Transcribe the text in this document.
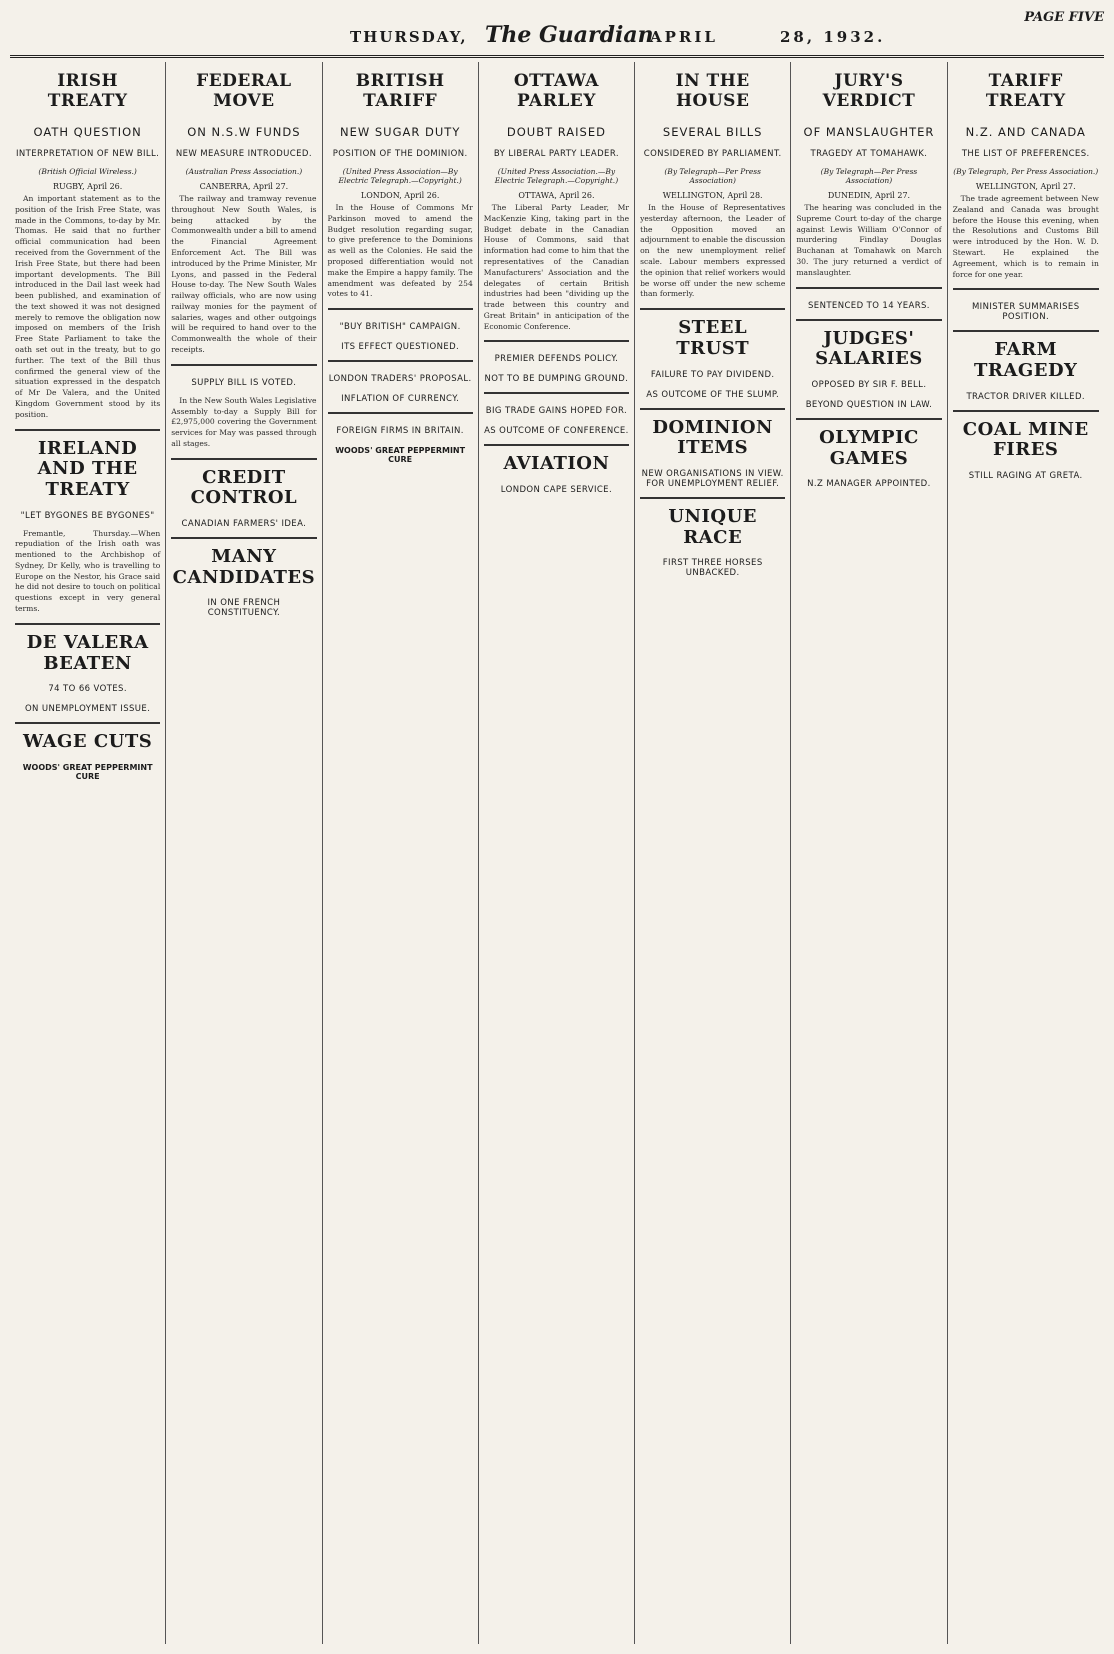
THURSDAY, The Guardian
APRIL	28, 1932.
PAGE FIVE
IRISH TREATY
OATH QUESTION
INTERPRETATION OF NEW BILL.
(British Official Wireless.)
RUGBY, April 26.

An important statement as to the position of the Irish Free State, was made in the Commons, to-day by Mr. Thomas. He said that no further official communication had been received from the Government of the Irish Free State, but there had been important developments. The Bill introduced in the Dail last week had been published, and examination of the text showed it was not designed merely to remove the obligation now imposed on members of the Irish Free State Parliament to take the oath set out in the treaty, but to go further. The text of the Bill thus confirmed the general view of the situation expressed in the despatch of Mr De Valera, and the United Kingdom Government stood by its position.

IRELAND AND THE TREATY
"LET BYGONES BE BYGONES"

Fremantle, Thursday.—When repudiation of the Irish oath was mentioned to the Archbishop of Sydney, Dr Kelly, who is travelling to Europe on the Nestor, his Grace said he did not desire to touch on political questions except in very general terms.

DE VALERA BEATEN
74 TO 66 VOTES.
ON UNEMPLOYMENT ISSUE.
WAGE CUTS
WOODS' GREAT PEPPERMINT CURE
FEDERAL MOVE
ON N.S.W FUNDS
NEW MEASURE INTRODUCED.
(Australian Press Association.)
CANBERRA, April 27.

The railway and tramway revenue throughout New South Wales, is being attacked by the Commonwealth under a bill to amend the Financial Agreement Enforcement Act. The Bill was introduced by the Prime Minister, Mr Lyons, and passed in the Federal House to-day. The New South Wales railway officials, who are now using railway monies for the payment of salaries, wages and other outgoings will be required to hand over to the Commonwealth the whole of their receipts.

SUPPLY BILL IS VOTED.

In the New South Wales Legislative Assembly to-day a Supply Bill for £2,975,000 covering the Government services for May was passed through all stages.

CREDIT CONTROL
CANADIAN FARMERS' IDEA.
MANY CANDIDATES
IN ONE FRENCH CONSTITUENCY.
BRITISH TARIFF
NEW SUGAR DUTY
POSITION OF THE DOMINION.
(United Press Association—By Electric Telegraph.—Copyright.)
LONDON, April 26.

In the House of Commons Mr Parkinson moved to amend the Budget resolution regarding sugar, to give preference to the Dominions as well as the Colonies. He said the proposed differentiation would not make the Empire a happy family. The amendment was defeated by 254 votes to 41.

"BUY BRITISH" CAMPAIGN.
ITS EFFECT QUESTIONED.
LONDON TRADERS' PROPOSAL.
INFLATION OF CURRENCY.
FOREIGN FIRMS IN BRITAIN.
WOODS' GREAT PEPPERMINT CURE
OTTAWA PARLEY
DOUBT RAISED
BY LIBERAL PARTY LEADER.
(United Press Association.—By Electric Telegraph.—Copyright.)
OTTAWA, April 26.

The Liberal Party Leader, Mr MacKenzie King, taking part in the Budget debate in the Canadian House of Commons, said that information had come to him that the representatives of the Canadian Manufacturers' Association and the delegates of certain British industries had been "dividing up the trade between this country and Great Britain" in anticipation of the Economic Conference.

PREMIER DEFENDS POLICY.
NOT TO BE DUMPING GROUND.
BIG TRADE GAINS HOPED FOR.
AS OUTCOME OF CONFERENCE.
AVIATION
LONDON CAPE SERVICE.
IN THE HOUSE
SEVERAL BILLS
CONSIDERED BY PARLIAMENT.
(By Telegraph—Per Press Association)
WELLINGTON, April 28.

In the House of Representatives yesterday afternoon, the Leader of the Opposition moved an adjournment to enable the discussion on the new unemployment relief scale. Labour members expressed the opinion that relief workers would be worse off under the new scheme than formerly.

STEEL TRUST
FAILURE TO PAY DIVIDEND.
AS OUTCOME OF THE SLUMP.
DOMINION ITEMS
NEW ORGANISATIONS IN VIEW. FOR UNEMPLOYMENT RELIEF.
UNIQUE RACE
FIRST THREE HORSES UNBACKED.
JURY'S VERDICT
OF MANSLAUGHTER
TRAGEDY AT TOMAHAWK.
(By Telegraph—Per Press Association)
DUNEDIN, April 27.

The hearing was concluded in the Supreme Court to-day of the charge against Lewis William O'Connor of murdering Findlay Douglas Buchanan at Tomahawk on March 30. The jury returned a verdict of manslaughter.

SENTENCED TO 14 YEARS.
JUDGES' SALARIES
OPPOSED BY SIR F. BELL.
BEYOND QUESTION IN LAW.
OLYMPIC GAMES
N.Z MANAGER APPOINTED.
TARIFF TREATY
N.Z. AND CANADA
THE LIST OF PREFERENCES.
(By Telegraph, Per Press Association.)
WELLINGTON, April 27.

The trade agreement between New Zealand and Canada was brought before the House this evening, when the Resolutions and Customs Bill were introduced by the Hon. W. D. Stewart. He explained the Agreement, which is to remain in force for one year.

MINISTER SUMMARISES POSITION.
FARM TRAGEDY
TRACTOR DRIVER KILLED.
COAL MINE FIRES
STILL RAGING AT GRETA.
